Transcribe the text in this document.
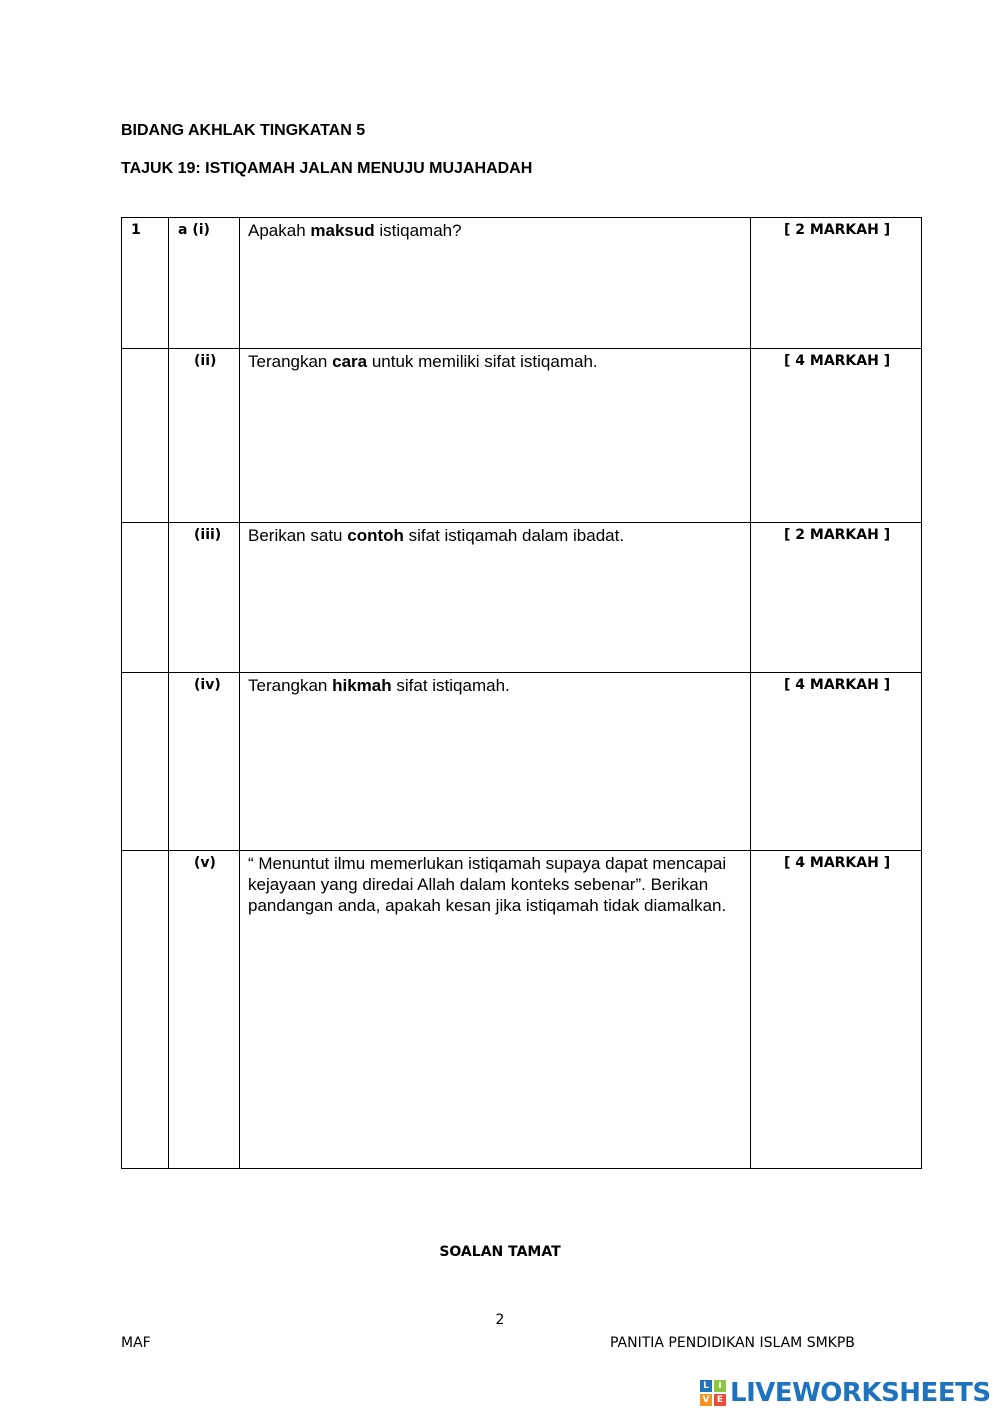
BIDANG AKHLAK TINGKATAN 5
TAJUK 19: ISTIQAMAH JALAN MENUJU MUJAHADAH
1	a (i)	Apakah maksud istiqamah?	[ 2 MARKAH ]

	(ii)	Terangkan cara untuk memiliki sifat istiqamah.	[ 4 MARKAH ]

	(iii)	Berikan satu contoh sifat istiqamah dalam ibadat.	[ 2 MARKAH ]

	(iv)	Terangkan hikmah sifat istiqamah.	[ 4 MARKAH ]

	(v)	“ Menuntut ilmu memerlukan istiqamah supaya dapat mencapai kejayaan yang diredai Allah dalam konteks sebenar”. Berikan pandangan anda, apakah kesan jika istiqamah tidak diamalkan.	[ 4 MARKAH ]
SOALAN TAMAT
2
MAF	PANITIA PENDIDIKAN ISLAM SMKPB
L	I
V E LIVEWORKSHEETS
